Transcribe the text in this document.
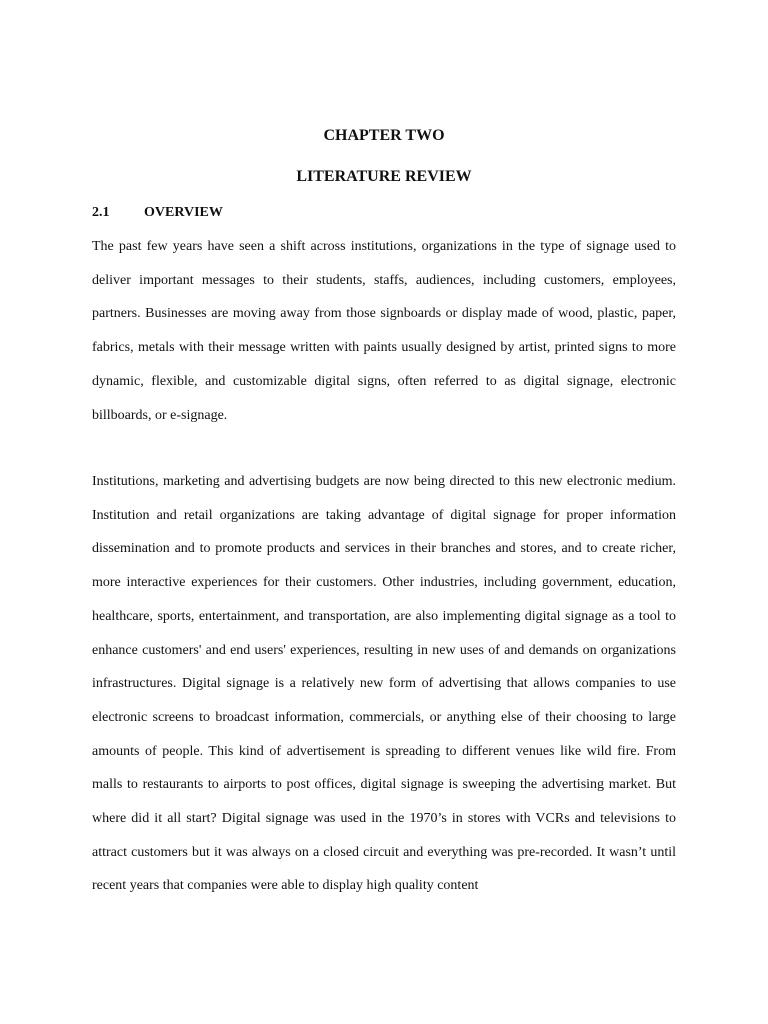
CHAPTER TWO
LITERATURE REVIEW
2.1 OVERVIEW

The past few years have seen a shift across institutions, organizations in the type of signage used to deliver important messages to their students, staffs, audiences, including customers, employees, partners. Businesses are moving away from those signboards or display made of wood, plastic, paper, fabrics, metals with their message written with paints usually designed by artist, printed signs to more dynamic, flexible, and customizable digital signs, often referred to as digital signage, electronic billboards, or e-signage.

Institutions, marketing and advertising budgets are now being directed to this new electronic medium. Institution and retail organizations are taking advantage of digital signage for proper information dissemination and to promote products and services in their branches and stores, and to create richer, more interactive experiences for their customers. Other industries, including government, education, healthcare, sports, entertainment, and transportation, are also implementing digital signage as a tool to enhance customers' and end users' experiences, resulting in new uses of and demands on organizations infrastructures. Digital signage is a relatively new form of advertising that allows companies to use electronic screens to broadcast information, commercials, or anything else of their choosing to large amounts of people. This kind of advertisement is spreading to different venues like wild fire. From malls to restaurants to airports to post offices, digital signage is sweeping the advertising market. But where did it all start? Digital signage was used in the 1970’s in stores with VCRs and televisions to attract customers but it was always on a closed circuit and everything was pre-recorded. It wasn’t until recent years that companies were able to display high quality content
